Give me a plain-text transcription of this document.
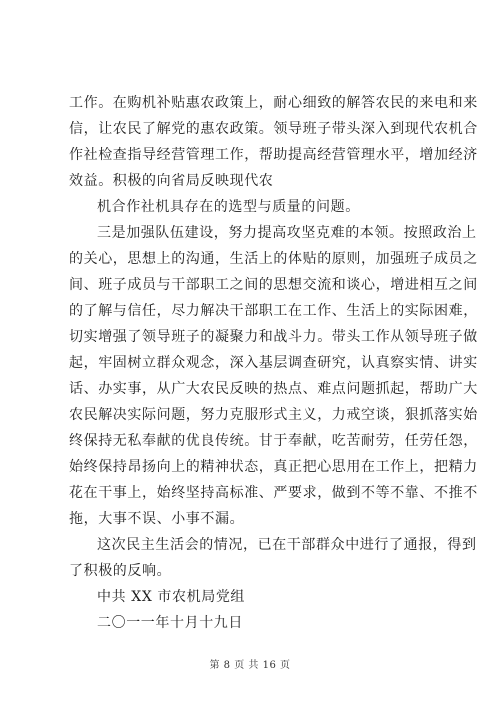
工作。在购机补贴惠农政策上，耐心细致的解答农民的来电和来
信，让农民了解党的惠农政策。领导班子带头深入到现代农机合
作社检查指导经营管理工作，帮助提高经营管理水平，增加经济
效益。积极的向省局反映现代农
机合作社机具存在的选型与质量的问题。
三是加强队伍建设，努力提高攻坚克难的本领。按照政治上
的关心，思想上的沟通，生活上的体贴的原则，加强班子成员之
间、班子成员与干部职工之间的思想交流和谈心，增进相互之间
的了解与信任，尽力解决干部职工在工作、生活上的实际困难，
切实增强了领导班子的凝聚力和战斗力。带头工作从领导班子做
起，牢固树立群众观念，深入基层调查研究，认真察实情、讲实
话、办实事，从广大农民反映的热点、难点问题抓起，帮助广大
农民解决实际问题，努力克服形式主义，力戒空谈，狠抓落实始
终保持无私奉献的优良传统。甘于奉献，吃苦耐劳，任劳任怨，
始终保持昂扬向上的精神状态，真正把心思用在工作上，把精力
花在干事上，始终坚持高标准、严要求，做到不等不靠、不推不
拖，大事不误、小事不漏。
这次民主生活会的情况，已在干部群众中进行了通报，得到
了积极的反响。
中共 XX 市农机局党组
二〇一一年十月十九日
第 8 页 共 16 页
